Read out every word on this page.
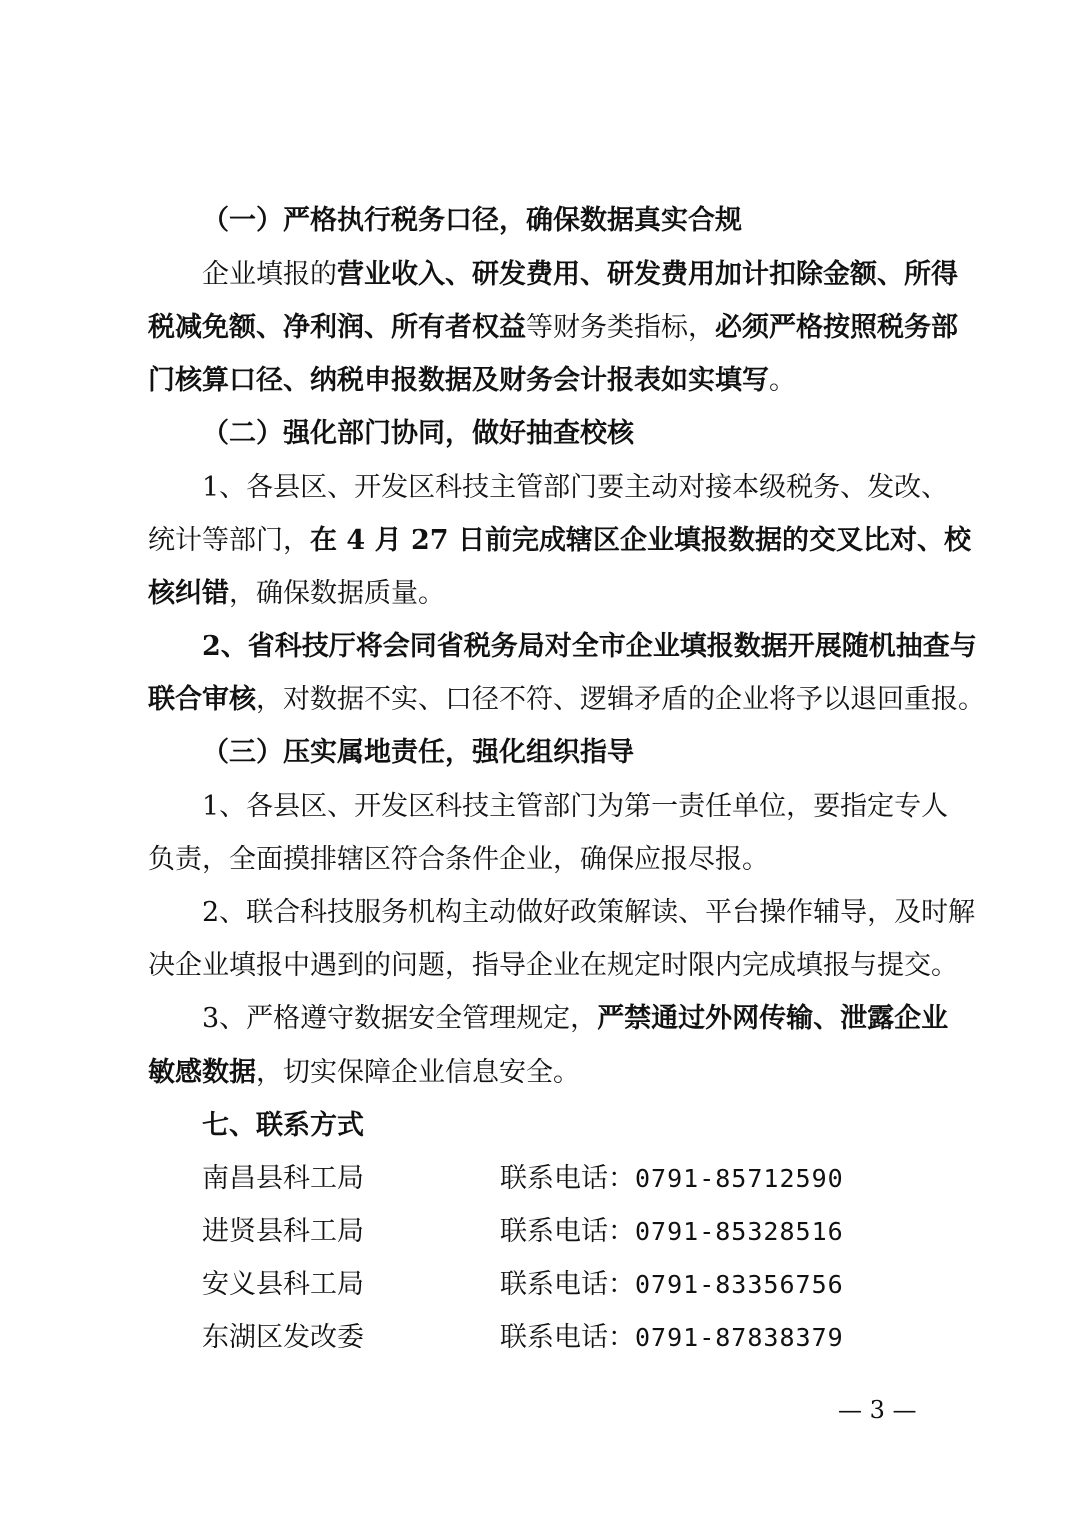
（一）严格执行税务口径，确保数据真实合规
企业填报的营业收入、研发费用、研发费用加计扣除金额、所得
税减免额、净利润、所有者权益等财务类指标，必须严格按照税务部
门核算口径、纳税申报数据及财务会计报表如实填写。
（二）强化部门协同，做好抽查校核
1、各县区、开发区科技主管部门要主动对接本级税务、发改、
统计等部门，在 4 月 27 日前完成辖区企业填报数据的交叉比对、校
核纠错，确保数据质量。
2、省科技厅将会同省税务局对全市企业填报数据开展随机抽查与
联合审核，对数据不实、口径不符、逻辑矛盾的企业将予以退回重报。
（三）压实属地责任，强化组织指导
1、各县区、开发区科技主管部门为第一责任单位，要指定专人
负责，全面摸排辖区符合条件企业，确保应报尽报。
2、联合科技服务机构主动做好政策解读、平台操作辅导，及时解
决企业填报中遇到的问题，指导企业在规定时限内完成填报与提交。
3、严格遵守数据安全管理规定，严禁通过外网传输、泄露企业
敏感数据，切实保障企业信息安全。
七、联系方式
南昌县科工局	联系电话：0791-85712590
进贤县科工局	联系电话：0791-85328516
安义县科工局	联系电话：0791-83356756
东湖区发改委	联系电话：0791-87838379
— 3 —
